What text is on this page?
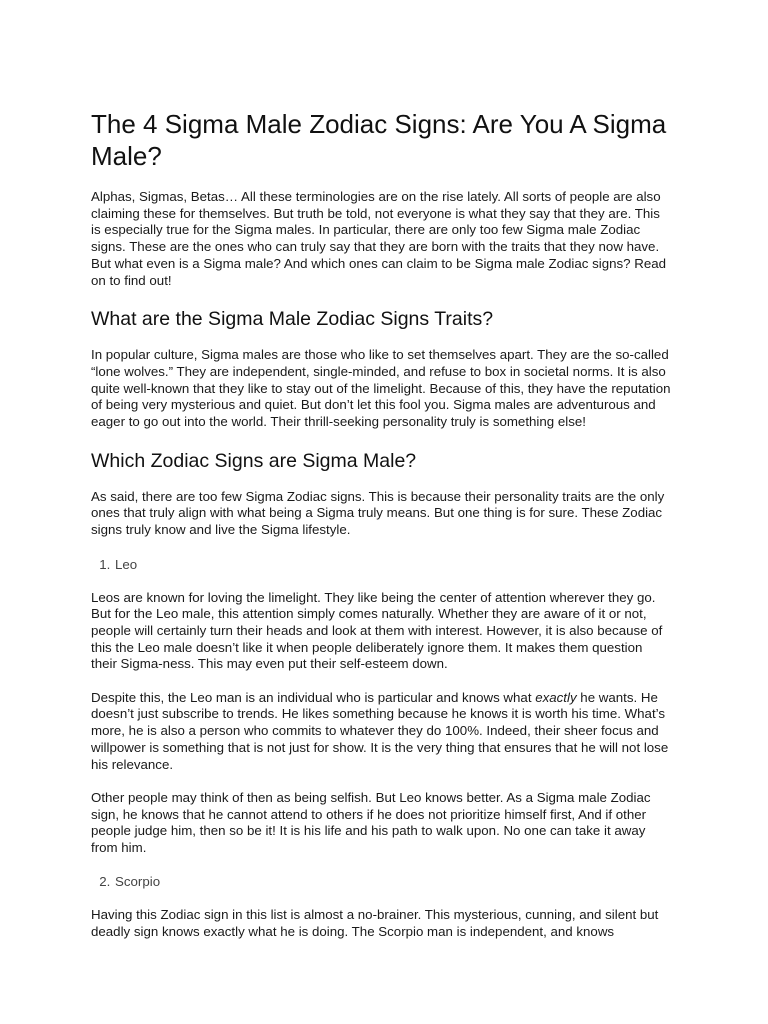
The 4 Sigma Male Zodiac Signs: Are You A Sigma Male?

Alphas, Sigmas, Betas… All these terminologies are on the rise lately. All sorts of people are also claiming these for themselves. But truth be told, not everyone is what they say that they are. This is especially true for the Sigma males. In particular, there are only too few Sigma male Zodiac signs. These are the ones who can truly say that they are born with the traits that they now have. But what even is a Sigma male? And which ones can claim to be Sigma male Zodiac signs? Read on to find out!

What are the Sigma Male Zodiac Signs Traits?

In popular culture, Sigma males are those who like to set themselves apart. They are the so-called “lone wolves.” They are independent, single-minded, and refuse to box in societal norms. It is also quite well-known that they like to stay out of the limelight. Because of this, they have the reputation of being very mysterious and quiet. But don’t let this fool you. Sigma males are adventurous and eager to go out into the world. Their thrill-seeking personality truly is something else!

Which Zodiac Signs are Sigma Male?

As said, there are too few Sigma Zodiac signs. This is because their personality traits are the only ones that truly align with what being a Sigma truly means. But one thing is for sure. These Zodiac signs truly know and live the Sigma lifestyle.

1. Leo

Leos are known for loving the limelight. They like being the center of attention wherever they go. But for the Leo male, this attention simply comes naturally. Whether they are aware of it or not, people will certainly turn their heads and look at them with interest. However, it is also because of this the Leo male doesn’t like it when people deliberately ignore them. It makes them question their Sigma-ness. This may even put their self-esteem down.

Despite this, the Leo man is an individual who is particular and knows what exactly he wants. He doesn’t just subscribe to trends. He likes something because he knows it is worth his time. What’s more, he is also a person who commits to whatever they do 100%. Indeed, their sheer focus and willpower is something that is not just for show. It is the very thing that ensures that he will not lose his relevance.

Other people may think of then as being selfish. But Leo knows better. As a Sigma male Zodiac sign, he knows that he cannot attend to others if he does not prioritize himself first, And if other people judge him, then so be it! It is his life and his path to walk upon. No one can take it away from him.

2. Scorpio

Having this Zodiac sign in this list is almost a no-brainer. This mysterious, cunning, and silent but deadly sign knows exactly what he is doing. The Scorpio man is independent, and knows
